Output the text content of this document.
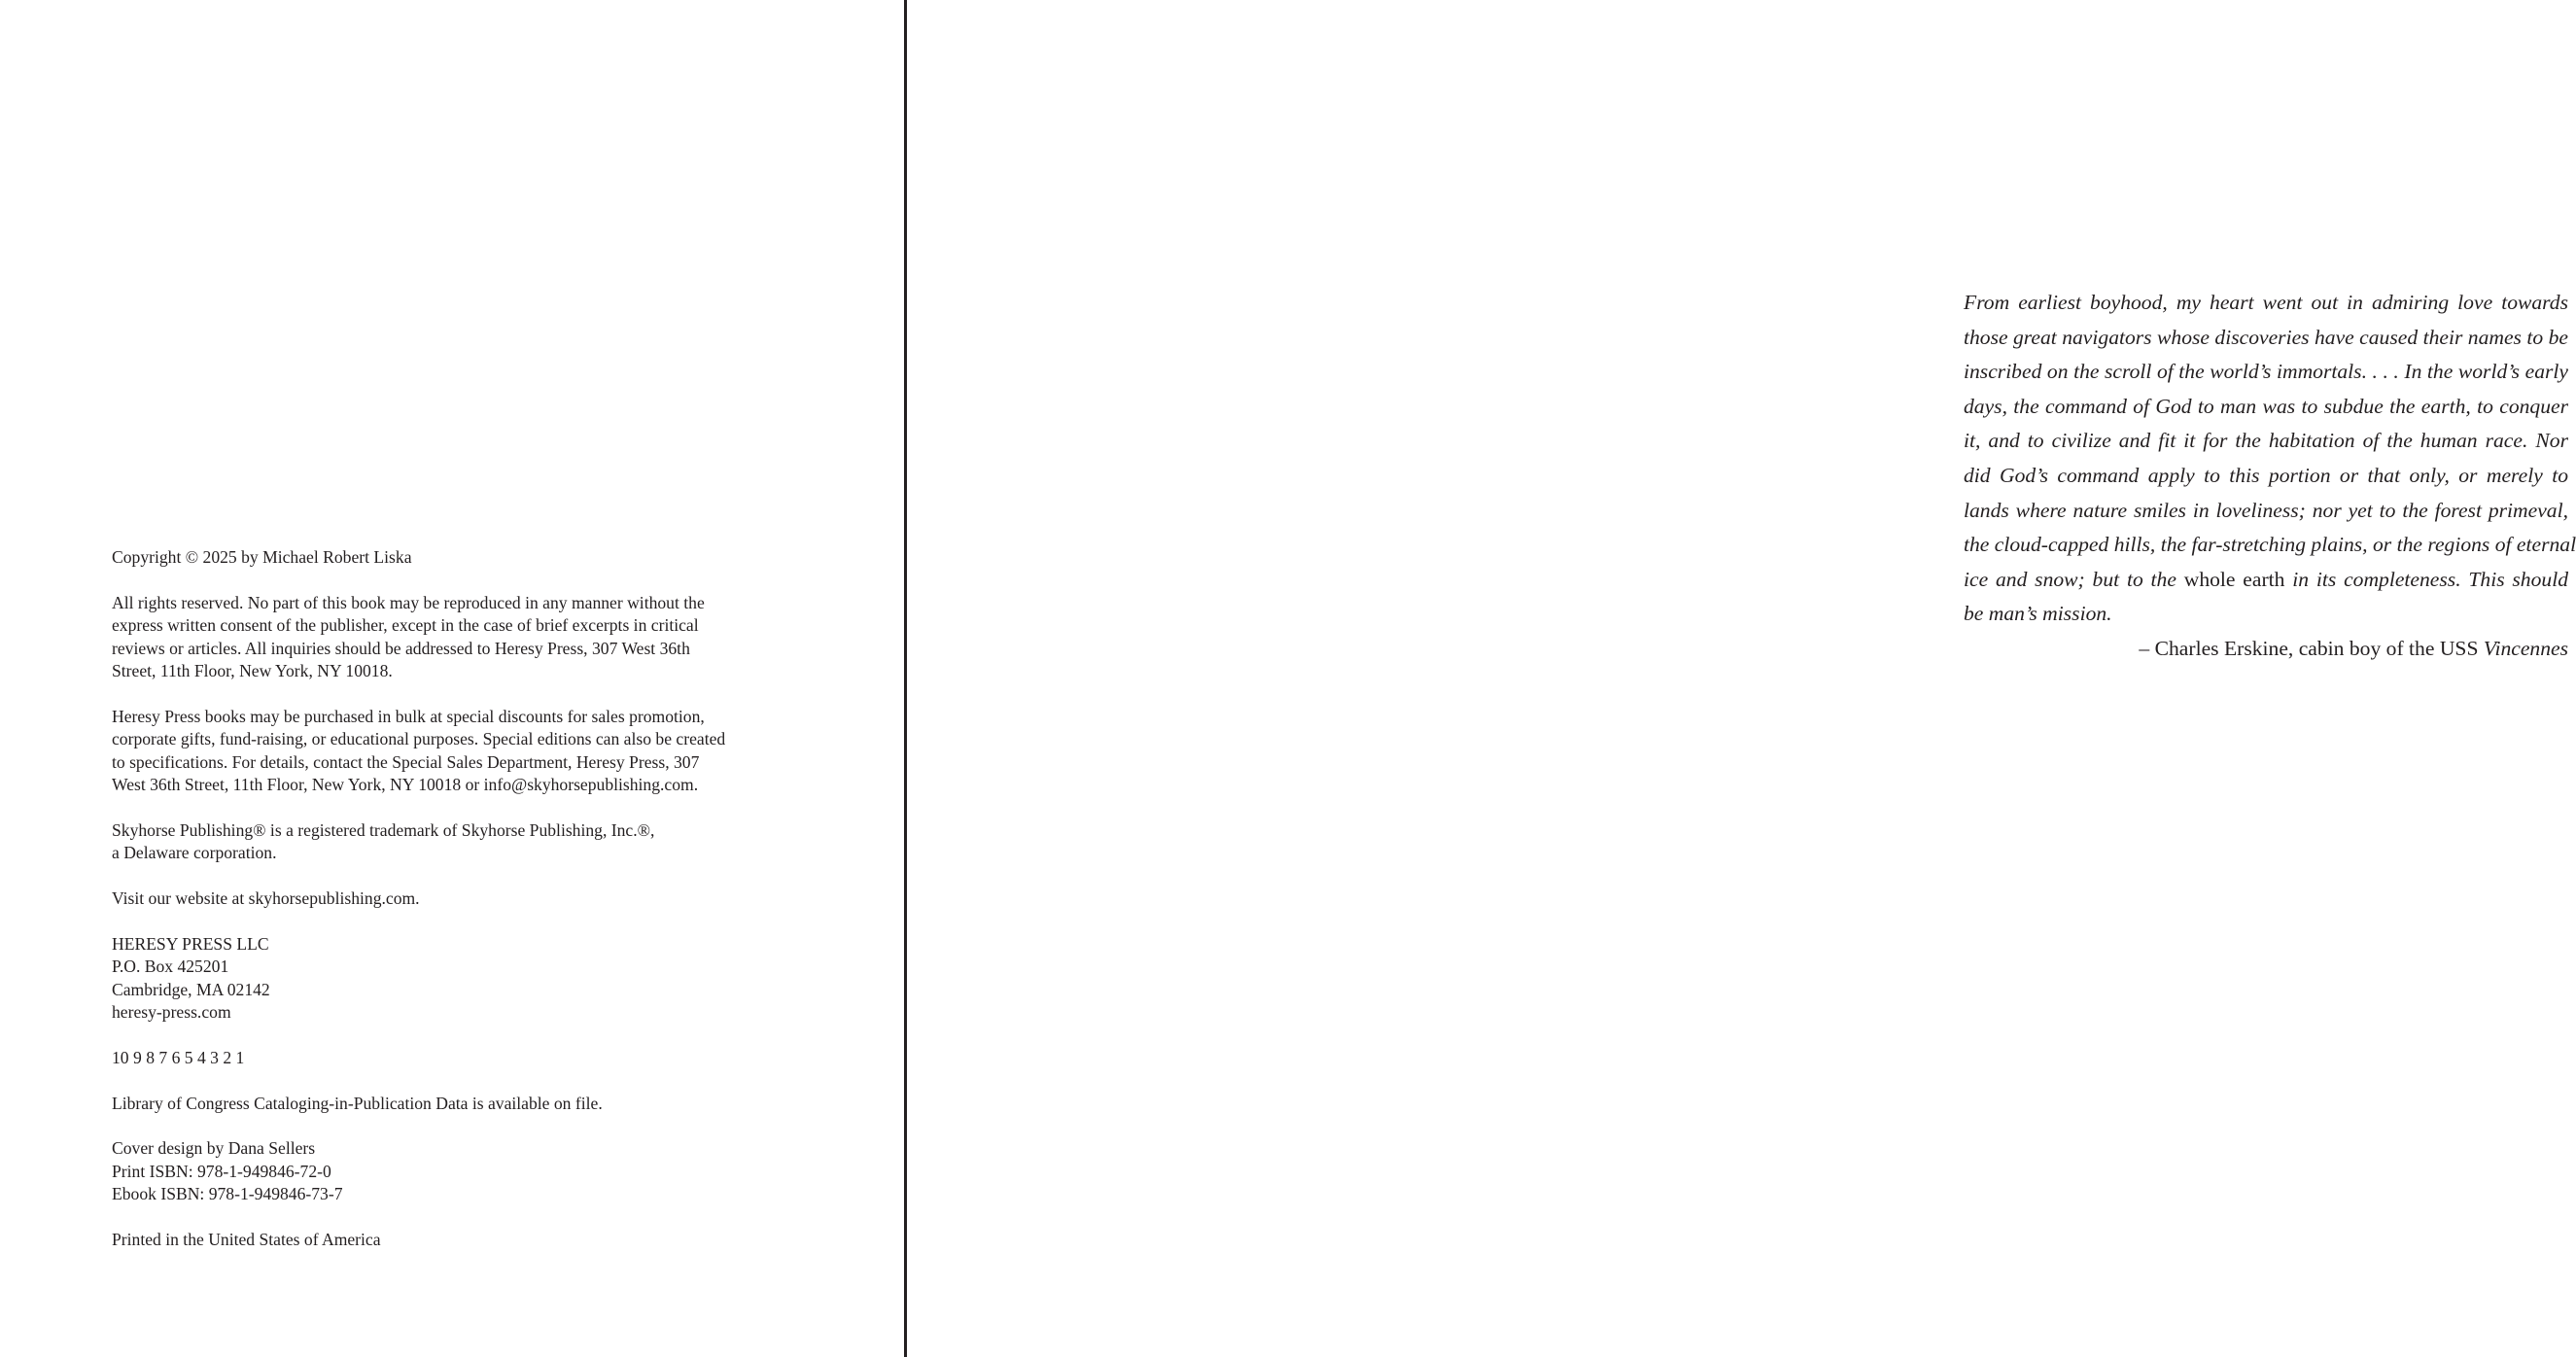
Copyright © 2025 by Michael Robert Liska

All rights reserved. No part of this book may be reproduced in any manner without the
express written consent of the publisher, except in the case of brief excerpts in critical
reviews or articles. All inquiries should be addressed to Heresy Press, 307 West 36th
Street, 11th Floor, New York, NY 10018.

Heresy Press books may be purchased in bulk at special discounts for sales promotion,
corporate gifts, fund-raising, or educational purposes. Special editions can also be created
to specifications. For details, contact the Special Sales Department, Heresy Press, 307
West 36th Street, 11th Floor, New York, NY 10018 or info@skyhorsepublishing.com.

Skyhorse Publishing® is a registered trademark of Skyhorse Publishing, Inc.®,
a Delaware corporation.

Visit our website at skyhorsepublishing.com.

HERESY PRESS LLC
P.O. Box 425201
Cambridge, MA 02142
heresy-press.com

10 9 8 7 6 5 4 3 2 1

Library of Congress Cataloging-in-Publication Data is available on file.

Cover design by Dana Sellers
Print ISBN: 978-1-949846-72-0
Ebook ISBN: 978-1-949846-73-7

Printed in the United States of America

From earliest boyhood, my heart went out in admiring love towards
those great navigators whose discoveries have caused their names to be
inscribed on the scroll of the world’s immortals. . . . In the world’s early
days, the command of God to man was to subdue the earth, to conquer
it, and to civilize and fit it for the habitation of the human race. Nor
did God’s command apply to this portion or that only, or merely to
lands where nature smiles in loveliness; nor yet to the forest primeval,
the cloud-capped hills, the far-stretching plains, or the regions of eternal
ice and snow; but to the whole earth in its completeness. This should
be man’s mission.
– Charles Erskine, cabin boy of the USS Vincennes
